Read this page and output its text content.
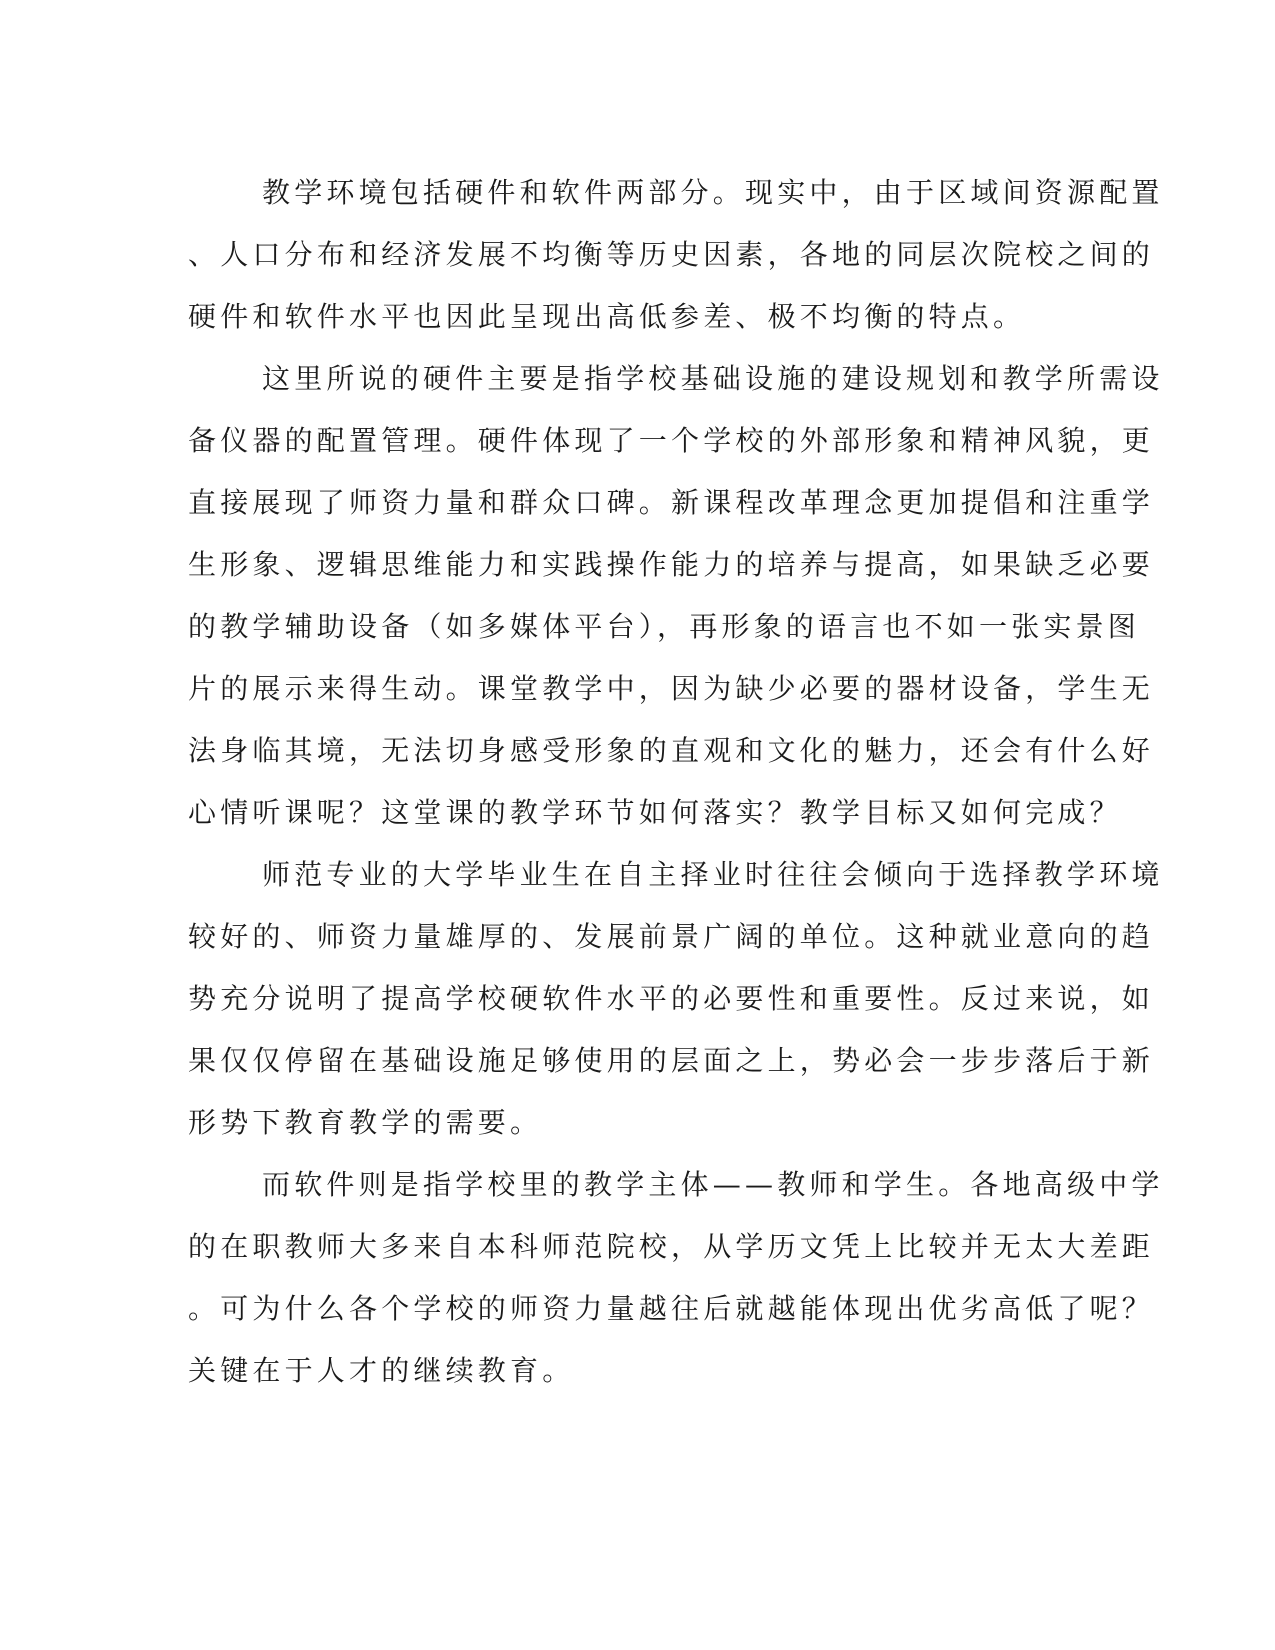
教学环境包括硬件和软件两部分。现实中，由于区域间资源配置
、人口分布和经济发展不均衡等历史因素，各地的同层次院校之间的
硬件和软件水平也因此呈现出高低参差、极不均衡的特点。
这里所说的硬件主要是指学校基础设施的建设规划和教学所需设
备仪器的配置管理。硬件体现了一个学校的外部形象和精神风貌，更
直接展现了师资力量和群众口碑。新课程改革理念更加提倡和注重学
生形象、逻辑思维能力和实践操作能力的培养与提高，如果缺乏必要
的教学辅助设备（如多媒体平台），再形象的语言也不如一张实景图
片的展示来得生动。课堂教学中，因为缺少必要的器材设备，学生无
法身临其境，无法切身感受形象的直观和文化的魅力，还会有什么好
心情听课呢？这堂课的教学环节如何落实？教学目标又如何完成？
师范专业的大学毕业生在自主择业时往往会倾向于选择教学环境
较好的、师资力量雄厚的、发展前景广阔的单位。这种就业意向的趋
势充分说明了提高学校硬软件水平的必要性和重要性。反过来说，如
果仅仅停留在基础设施足够使用的层面之上，势必会一步步落后于新
形势下教育教学的需要。
而软件则是指学校里的教学主体——教师和学生。各地高级中学
的在职教师大多来自本科师范院校，从学历文凭上比较并无太大差距
。可为什么各个学校的师资力量越往后就越能体现出优劣高低了呢？
关键在于人才的继续教育。
